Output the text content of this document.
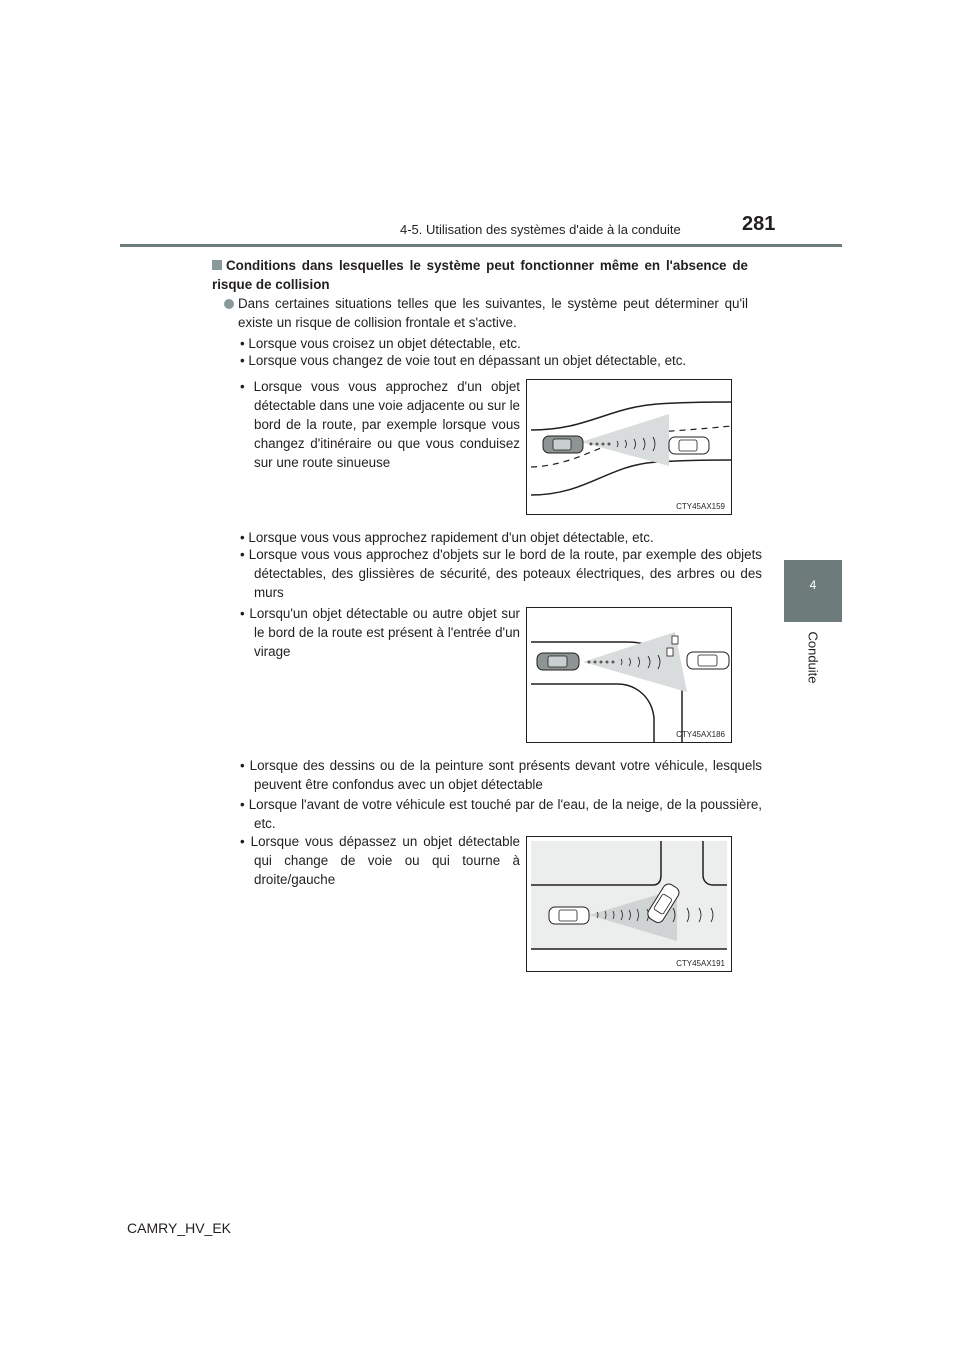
4-5. Utilisation des systèmes d'aide à la conduite	281
4
Conduite
Conditions dans lesquelles le système peut fonctionner même en l'absence de risque de collision
Dans certaines situations telles que les suivantes, le système peut déterminer qu'il existe un risque de collision frontale et s'active.
• Lorsque vous croisez un objet détectable, etc.
• Lorsque vous changez de voie tout en dépassant un objet détectable, etc.
• Lorsque vous vous approchez d'un objet détectable dans une voie adjacente ou sur le bord de la route, par exemple lorsque vous changez d'itinéraire ou que vous conduisez sur une route sinueuse
CTY45AX159
• Lorsque vous vous approchez rapidement d'un objet détectable, etc.
• Lorsque vous vous approchez d'objets sur le bord de la route, par exemple des objets détectables, des glissières de sécurité, des poteaux électriques, des arbres ou des murs
• Lorsqu'un objet détectable ou autre objet sur le bord de la route est présent à l'entrée d'un virage
CTY45AX186
• Lorsque des dessins ou de la peinture sont présents devant votre véhicule, lesquels peuvent être confondus avec un objet détectable
• Lorsque l'avant de votre véhicule est touché par de l'eau, de la neige, de la poussière, etc.
• Lorsque vous dépassez un objet détectable qui change de voie ou qui tourne à droite/gauche
CTY45AX191
CAMRY_HV_EK
